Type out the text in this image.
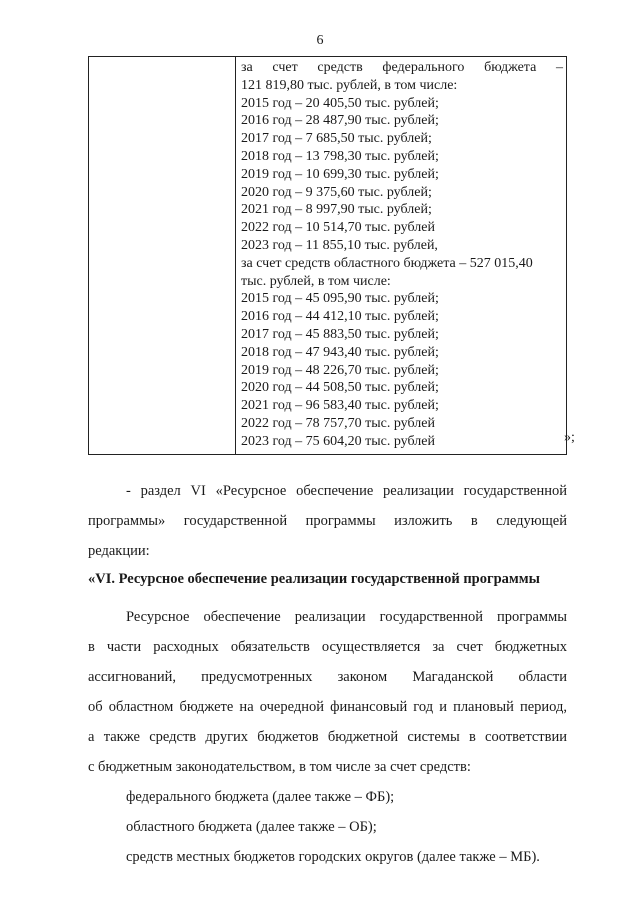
6
за счет средств федерального бюджета –
121 819,80 тыс. рублей, в том числе:
2015 год – 20 405,50 тыс. рублей;
2016 год – 28 487,90 тыс. рублей;
2017 год – 7 685,50 тыс. рублей;
2018 год – 13 798,30 тыс. рублей;
2019 год – 10 699,30 тыс. рублей;
2020 год – 9 375,60 тыс. рублей;
2021 год – 8 997,90 тыс. рублей;
2022 год – 10 514,70 тыс. рублей
2023 год – 11 855,10 тыс. рублей,
за счет средств областного бюджета – 527 015,40
тыс. рублей, в том числе:
2015 год – 45 095,90 тыс. рублей;
2016 год – 44 412,10 тыс. рублей;
2017 год – 45 883,50 тыс. рублей;
2018 год – 47 943,40 тыс. рублей;
2019 год – 48 226,70 тыс. рублей;
2020 год – 44 508,50 тыс. рублей;
2021 год – 96 583,40 тыс. рублей;
2022 год – 78 757,70 тыс. рублей
2023 год – 75 604,20 тыс. рублей	»;
- раздел VI «Ресурсное обеспечение реализации государственной
программы» государственной программы изложить в следующей
редакции:
«VI. Ресурсное обеспечение реализации государственной программы
Ресурсное обеспечение реализации государственной программы
в части расходных обязательств осуществляется за счет бюджетных
ассигнований, предусмотренных законом Магаданской области
об областном бюджете на очередной финансовый год и плановый период,
а также средств других бюджетов бюджетной системы в соответствии
с бюджетным законодательством, в том числе за счет средств:
федерального бюджета (далее также – ФБ);
областного бюджета (далее также – ОБ);
средств местных бюджетов городских округов (далее также – МБ).
